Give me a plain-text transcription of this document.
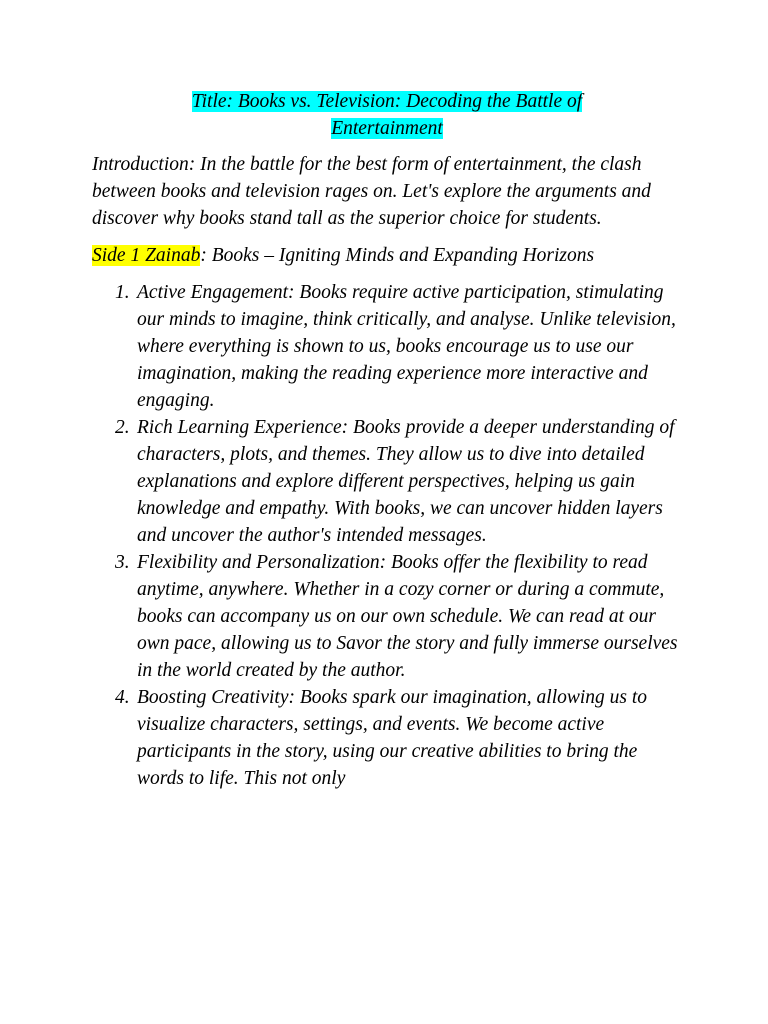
Title: Books vs. Television: Decoding the Battle of
Entertainment

Introduction: In the battle for the best form of entertainment, the clash between books and television rages on. Let's explore the arguments and discover why books stand tall as the superior choice for students.

Side 1 Zainab: Books – Igniting Minds and Expanding Horizons

1. Active Engagement: Books require active participation, stimulating our minds to imagine, think critically, and analyse. Unlike television, where everything is shown to us, books encourage us to use our imagination, making the reading experience more interactive and engaging.
2. Rich Learning Experience: Books provide a deeper understanding of characters, plots, and themes. They allow us to dive into detailed explanations and explore different perspectives, helping us gain knowledge and empathy. With books, we can uncover hidden layers and uncover the author's intended messages.
3. Flexibility and Personalization: Books offer the flexibility to read anytime, anywhere. Whether in a cozy corner or during a commute, books can accompany us on our own schedule. We can read at our own pace, allowing us to Savor the story and fully immerse ourselves in the world created by the author.
4. Boosting Creativity: Books spark our imagination, allowing us to visualize characters, settings, and events. We become active participants in the story, using our creative abilities to bring the words to life. This not only
